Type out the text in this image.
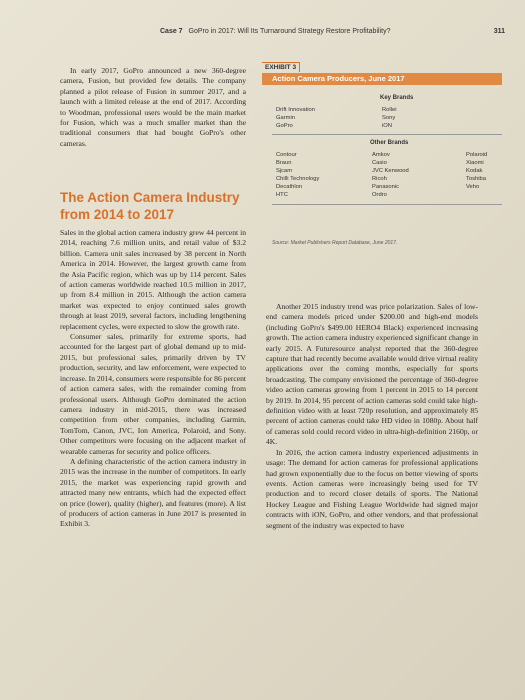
Case 7 GoPro in 2017: Will Its Turnaround Strategy Restore Profitability?	311

In early 2017, GoPro announced a new 360-degree camera, Fusion, but provided few details. The company planned a pilot release of Fusion in summer 2017, and a launch with a limited release at the end of 2017. According to Woodman, professional users would be the main market for Fusion, which was a much smaller market than the traditional consumers that had bought GoPro's other cameras.

The Action Camera Industry from 2014 to 2017

Sales in the global action camera industry grew 44 percent in 2014, reaching 7.6 million units, and retail value of $3.2 billion. Camera unit sales increased by 38 percent in North America in 2014. However, the largest growth came from the Asia Pacific region, which was up by 114 percent. Sales of action cameras worldwide reached 10.5 million in 2017, up from 8.4 million in 2015. Although the action camera market was expected to enjoy continued sales growth through at least 2019, several factors, including lengthening replacement cycles, were expected to slow the growth rate.

Consumer sales, primarily for extreme sports, had accounted for the largest part of global demand up to mid-2015, but professional sales, primarily driven by TV production, security, and law enforcement, were expected to increase. In 2014, consumers were responsible for 86 percent of action camera sales, with the remainder coming from professional users. Although GoPro dominated the action camera industry in mid-2015, there was increased competition from other companies, including Garmin, TomTom, Canon, JVC, Ion America, Polaroid, and Sony. Other competitors were focusing on the adjacent market of wearable cameras for security and police officers.

A defining characteristic of the action camera industry in 2015 was the increase in the number of competitors. In early 2015, the market was experiencing rapid growth and attracted many new entrants, which had the expected effect on price (lower), quality (higher), and features (more). A list of producers of action cameras in June 2017 is presented in Exhibit 3.

EXHIBIT 3
Action Camera Producers, June 2017
Key Brands
Drift Innovation
Garmin
GoPro
Rollei
Sony
iON
Other Brands
Contour
Braun
Sjcam
Chilli Technology
Decathlon
HTC
Amkov
Casio
JVC Kenwood
Ricoh
Panasonic
Ordro
Polaroid
Xiaomi
Kodak
Toshiba
Veho
Source: Market Publishers Report Database, June 2017.

Another 2015 industry trend was price polarization. Sales of low-end camera models priced under $200.00 and high-end models (including GoPro's $499.00 HERO4 Black) experienced increasing growth. The action camera industry experienced significant change in early 2015. A Futuresource analyst reported that the 360-degree capture that had recently become available would drive virtual reality applications over the coming months, especially for sports broadcasting. The company envisioned the percentage of 360-degree video action cameras growing from 1 percent in 2015 to 14 percent by 2019. In 2014, 95 percent of action cameras sold could take high-definition video with at least 720p resolution, and approximately 85 percent of action cameras could take HD video in 1080p. About half of cameras sold could record video in ultra-high-definition 2160p, or 4K.

In 2016, the action camera industry experienced adjustments in usage: The demand for action cameras for professional applications had grown exponentially due to the focus on better viewing of sports events. Action cameras were increasingly being used for TV production and to record closer details of sports. The National Hockey League and Fishing League Worldwide had signed major contracts with iON, GoPro, and other vendors, and that professional segment of the industry was expected to have
